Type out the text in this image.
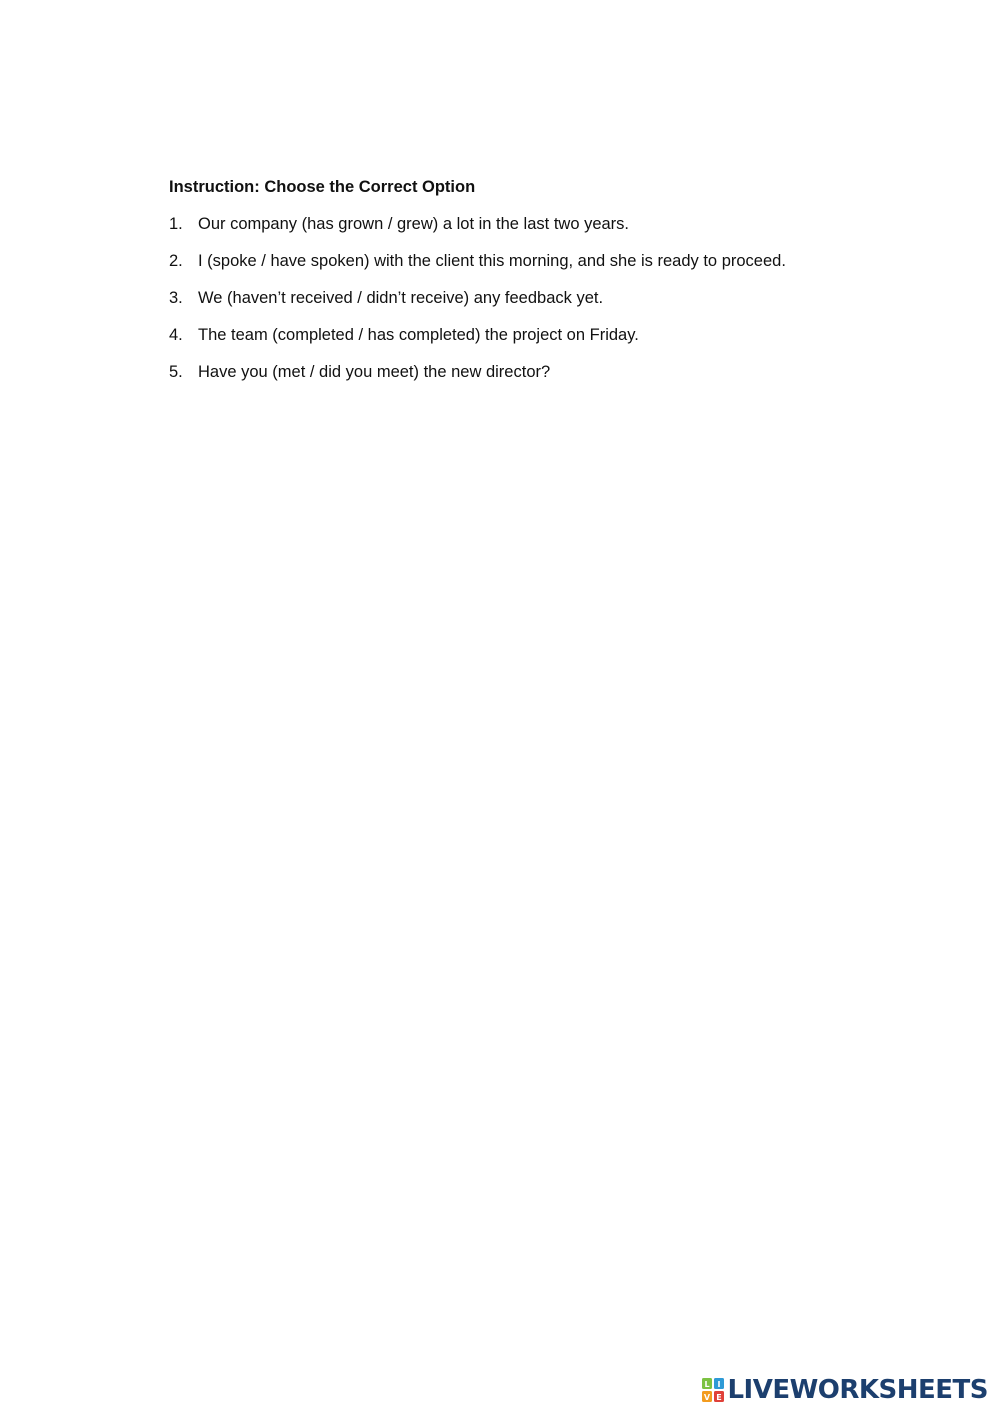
Instruction: Choose the Correct Option
1. Our company (has grown / grew) a lot in the last two years.
2. I (spoke / have spoken) with the client this morning, and she is ready to proceed.
3. We (haven’t received / didn’t receive) any feedback yet.
4. The team (completed / has completed) the project on Friday.
5. Have you (met / did you meet) the new director?
L I
V E LIVEWORKSHEETS
